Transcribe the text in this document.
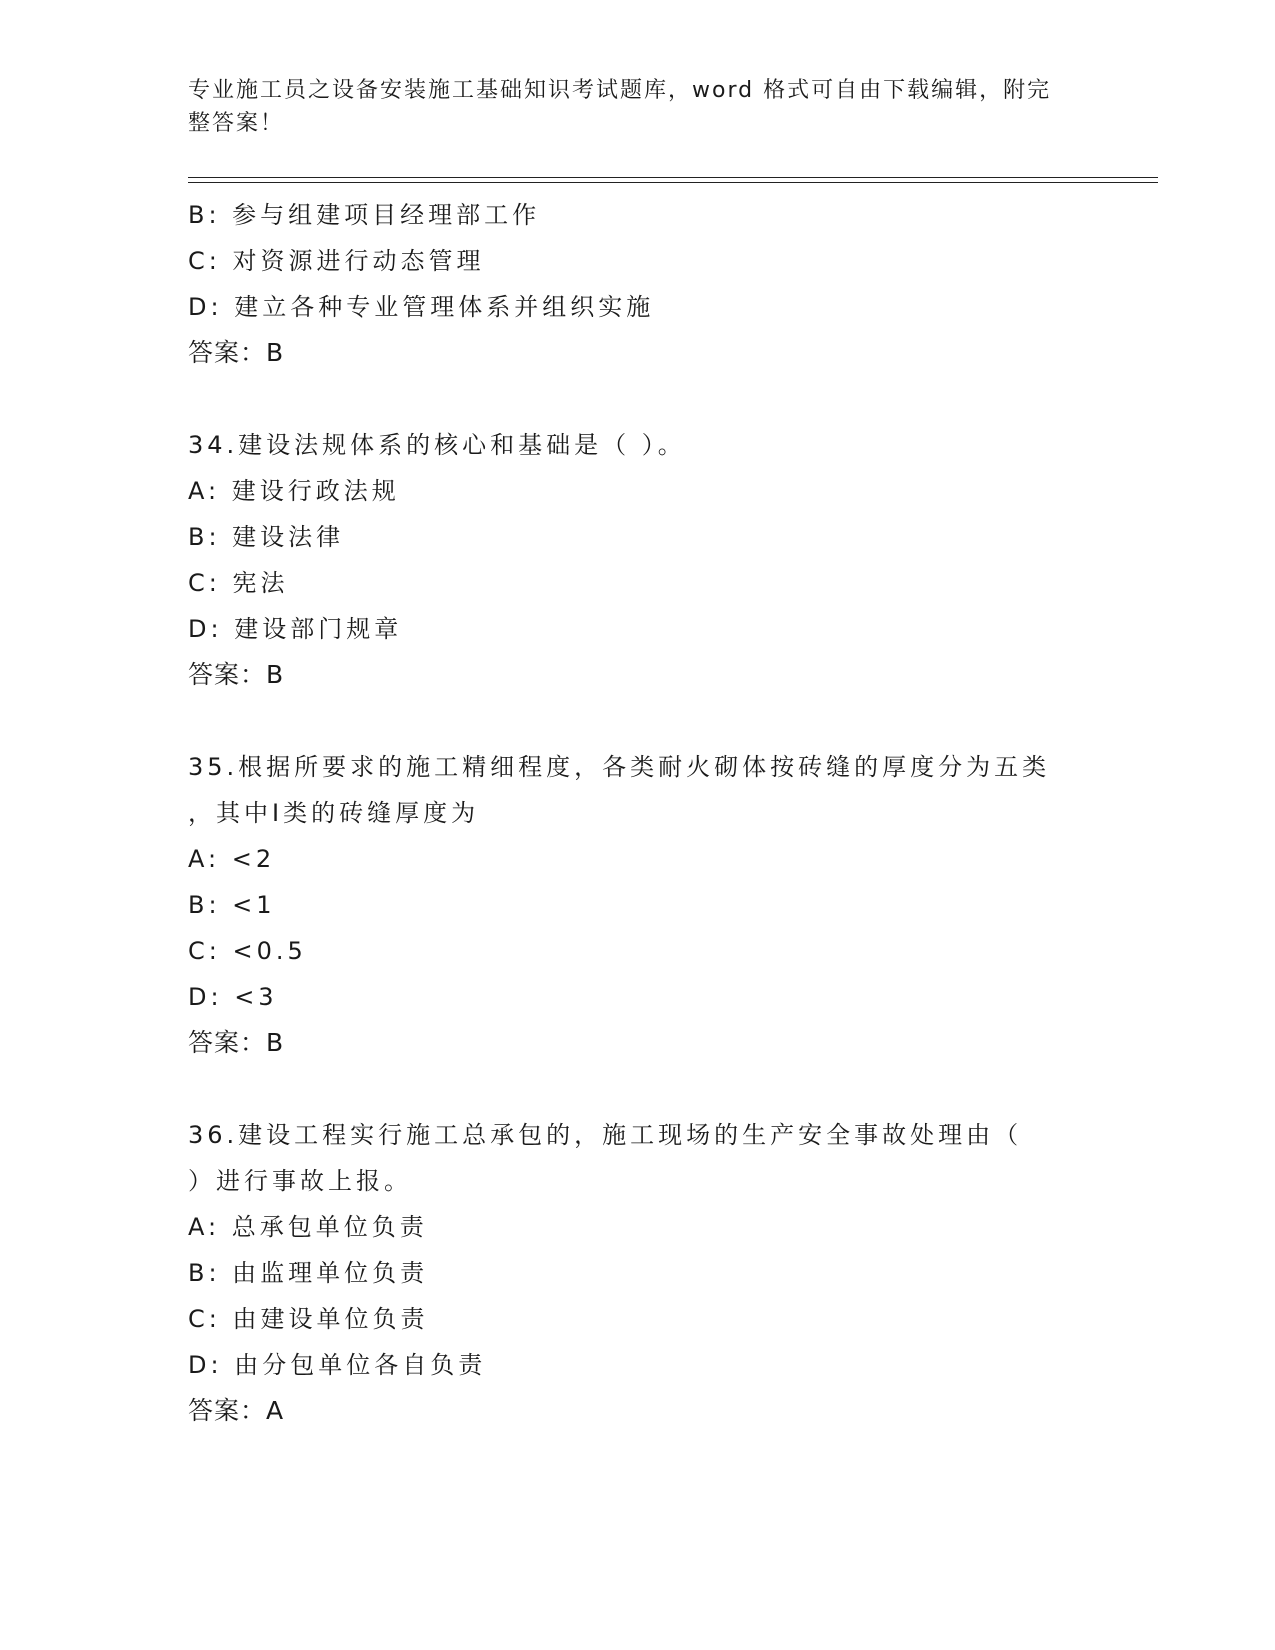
专业施工员之设备安装施工基础知识考试题库，word 格式可自由下载编辑，附完
整答案！
B: 参与组建项目经理部工作
C: 对资源进行动态管理
D: 建立各种专业管理体系并组织实施
答案：B
34.建设法规体系的核心和基础是（ ）。
A: 建设行政法规
B: 建设法律
C: 宪法
D: 建设部门规章
答案：B
35.根据所要求的施工精细程度，各类耐火砌体按砖缝的厚度分为五类
，其中Ⅰ类的砖缝厚度为
A: <2
B: <1
C: <0.5
D: <3
答案：B
36.建设工程实行施工总承包的，施工现场的生产安全事故处理由（
）进行事故上报。
A: 总承包单位负责
B: 由监理单位负责
C: 由建设单位负责
D: 由分包单位各自负责
答案：A
